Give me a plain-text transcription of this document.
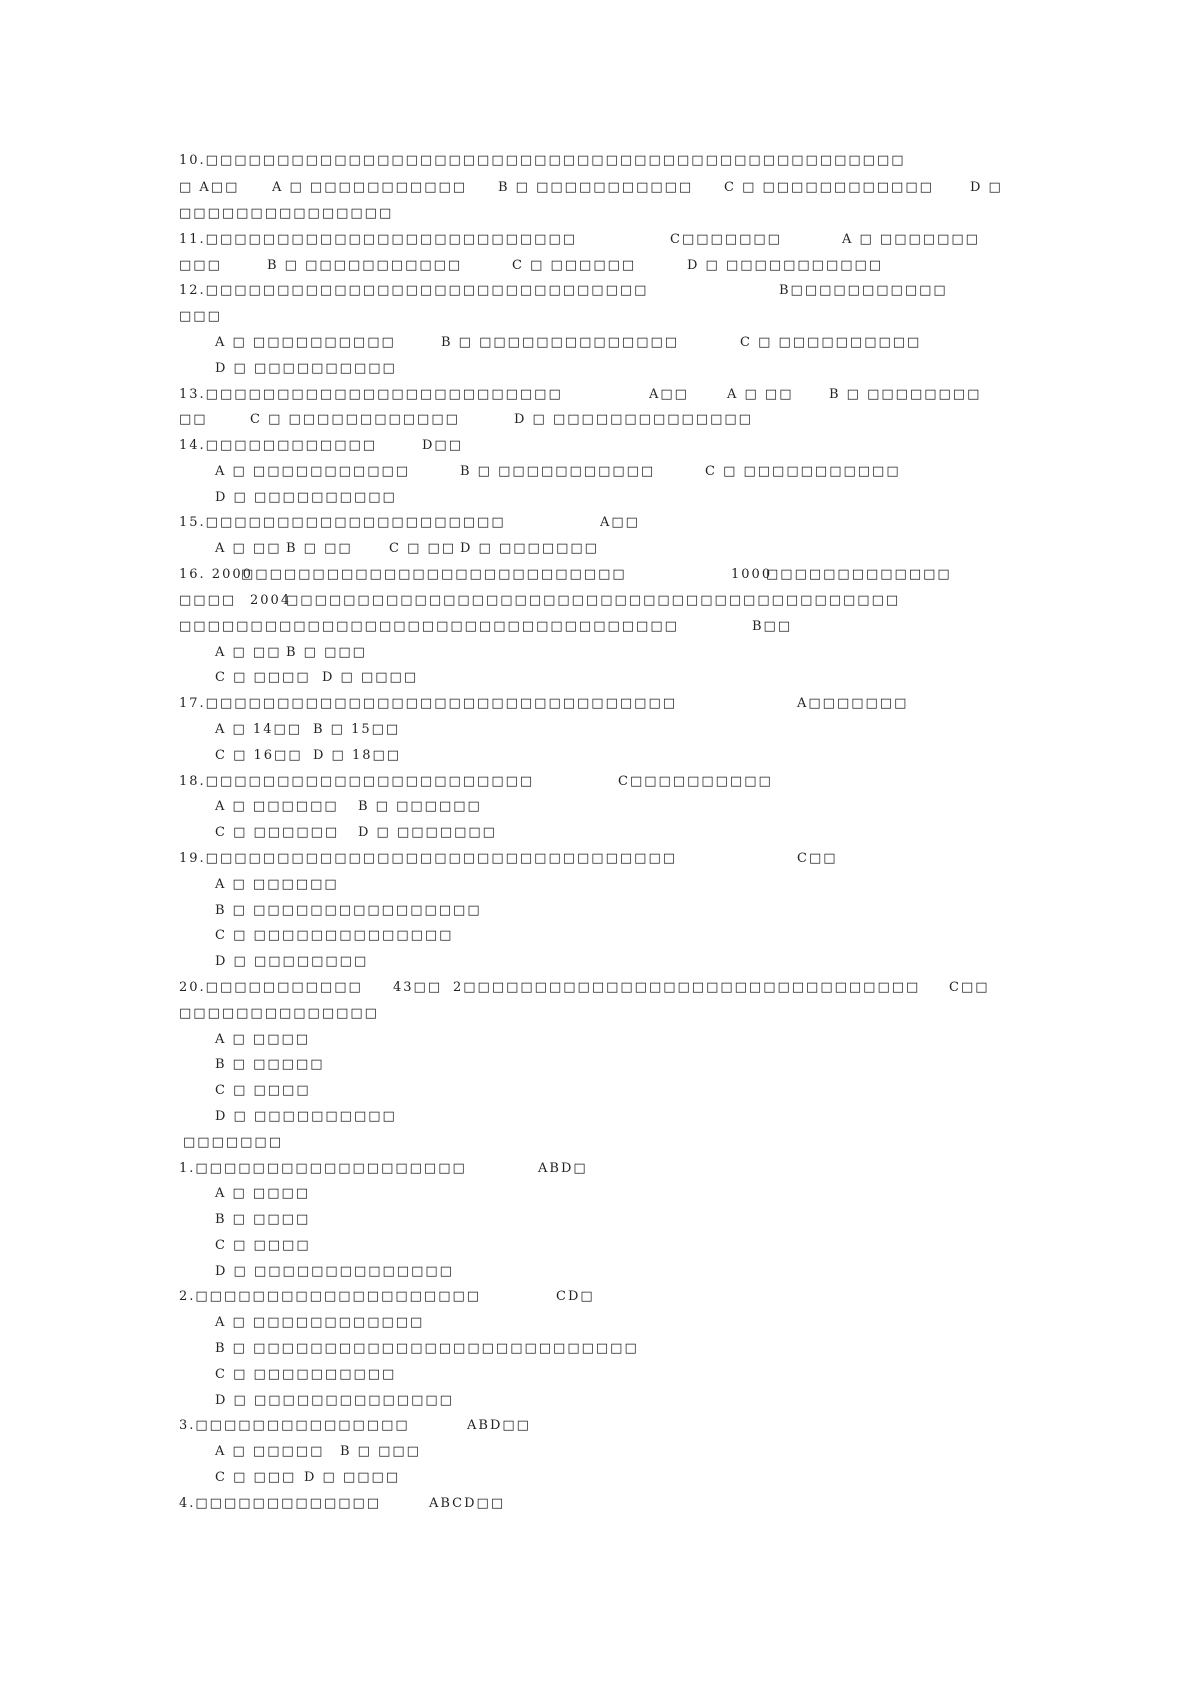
10.□□□□□□□□□□□□□□□□□□□□□□□□□□□□□□□□□□□□□□□□□□□□□□□□□
□ A□□	A □ □□□□□□□□□□□ B □ □□□□□□□□□□□ C □ □□□□□□□□□□□□	D □
□□□□□□□□□□□□□□□
11.□□□□□□□□□□□□□□□□□□□□□□□□□□	C□□□□□□□	A □ □□□□□□□
□□□	B □ □□□□□□□□□□□	C □ □□□□□□	D □ □□□□□□□□□□□
12.□□□□□□□□□□□□□□□□□□□□□□□□□□□□□□□	B□□□□□□□□□□□
□□□
A □ □□□□□□□□□□	B □ □□□□□□□□□□□□□□	C □ □□□□□□□□□□
D □ □□□□□□□□□□
13.□□□□□□□□□□□□□□□□□□□□□□□□□	A□□	A □ □□	B □ □□□□□□□□
□□	C □ □□□□□□□□□□□□	D □ □□□□□□□□□□□□□□
14.□□□□□□□□□□□□	D□□
A □ □□□□□□□□□□□	B □ □□□□□□□□□□□	C □ □□□□□□□□□□□
D □ □□□□□□□□□□
15.□□□□□□□□□□□□□□□□□□□□□	A□□
A □ □□ B □ □□	C □ □□ D □ □□□□□□□
16. 2000
□□□□□□□□□□□□□□□□□□□□□□□□□□□	1000
□□□□□□□□□□□□□
□□□□ 2004
□□□□□□□□□□□□□□□□□□□□□□□□□□□□□□□□□□□□□□□□□□□
□□□□□□□□□□□□□□□□□□□□□□□□□□□□□□□□□□□	B□□
A □ □□ B □ □□□
C □ □□□□ D □ □□□□
17.□□□□□□□□□□□□□□□□□□□□□□□□□□□□□□□□□	A□□□□□□□
A □ 14□□ B □ 15□□
C □ 16□□ D □ 18□□
18.□□□□□□□□□□□□□□□□□□□□□□□	C□□□□□□□□□□
A □ □□□□□□ B □ □□□□□□
C □ □□□□□□ D □ □□□□□□□
19.□□□□□□□□□□□□□□□□□□□□□□□□□□□□□□□□□	C□□
A □ □□□□□□
B □ □□□□□□□□□□□□□□□□
C □ □□□□□□□□□□□□□□
D □ □□□□□□□□
20.□□□□□□□□□□□ 43□□ 2□□□□□□□□□□□□□□□□□□□□□□□□□□□□□□□□ C□□
□□□□□□□□□□□□□□
A □ □□□□
B □ □□□□□
C □ □□□□
D □ □□□□□□□□□□
□□□□□□□
1.□□□□□□□□□□□□□□□□□□□	ABD□
A □ □□□□
B □ □□□□
C □ □□□□
D □ □□□□□□□□□□□□□□
2.□□□□□□□□□□□□□□□□□□□□	CD□
A □ □□□□□□□□□□□□
B □ □□□□□□□□□□□□□□□□□□□□□□□□□□□
C □ □□□□□□□□□□
D □ □□□□□□□□□□□□□□
3.□□□□□□□□□□□□□□□	ABD□□
A □ □□□□□ B □ □□□
C □ □□□ D □ □□□□
4.□□□□□□□□□□□□□	ABCD□□
